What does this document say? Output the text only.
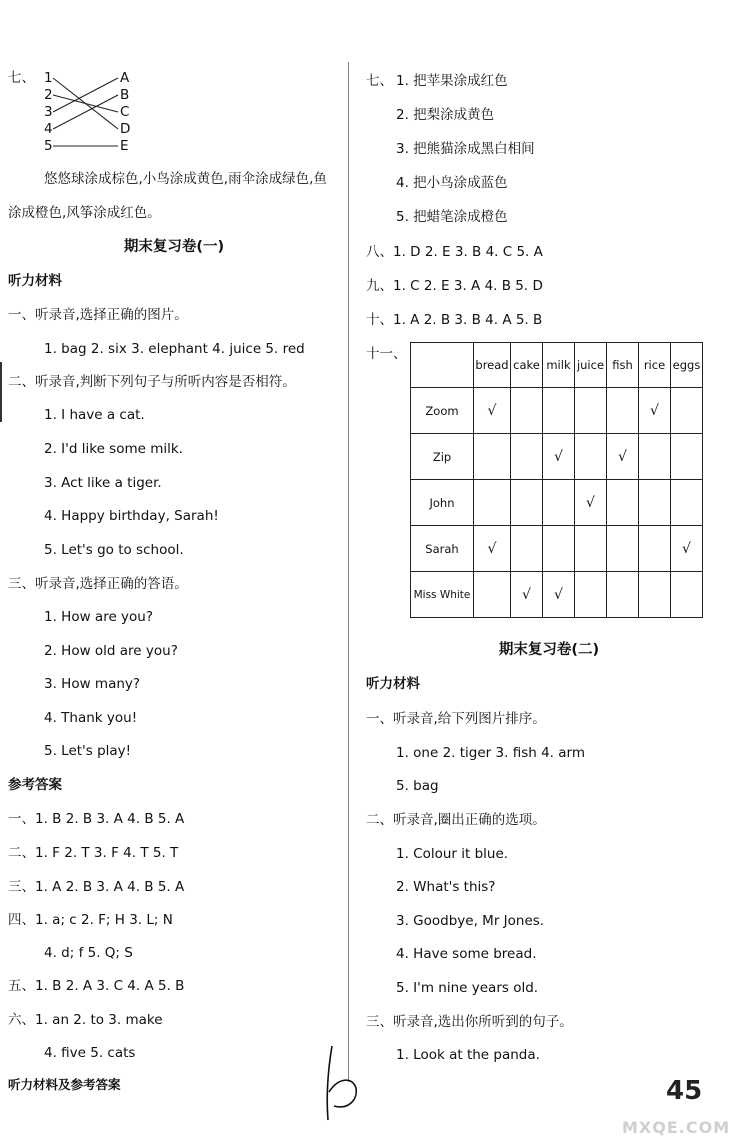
七、 1
2
3
4
5
A
B
C
D
E
悠悠球涂成棕色,小鸟涂成黄色,雨伞涂成绿色,鱼
涂成橙色,风筝涂成红色。
期末复习卷(一)
听力材料
一、听录音,选择正确的图片。
1. bag 2. six 3. elephant 4. juice 5. red
二、听录音,判断下列句子与所听内容是否相符。
1. I have a cat.
2. I'd like some milk.
3. Act like a tiger.
4. Happy birthday, Sarah!
5. Let's go to school.
三、听录音,选择正确的答语。
1. How are you?
2. How old are you?
3. How many?
4. Thank you!
5. Let's play!
参考答案
一、1. B 2. B 3. A 4. B 5. A
二、1. F 2. T 3. F 4. T 5. T
三、1. A 2. B 3. A 4. B 5. A
四、1. a; c 2. F; H 3. L; N
4. d; f 5. Q; S
五、1. B 2. A 3. C 4. A 5. B
六、1. an 2. to 3. make
4. five 5. cats
听力材料及参考答案
七、 1. 把苹果涂成红色
2. 把梨涂成黄色
3. 把熊猫涂成黑白相间
4. 把小鸟涂成蓝色
5. 把蜡笔涂成橙色
八、1. D 2. E 3. B 4. C 5. A
九、1. C 2. E 3. A 4. B 5. D
十、1. A 2. B 3. B 4. A 5. B
十一、
	bread	cake	milk	juice	fish	rice	eggs
Zoom	√					√	
Zip			√		√		
John				√			
Sarah	√						√
Miss White		√	√				
期末复习卷(二)
听力材料
一、听录音,给下列图片排序。
1. one 2. tiger 3. fish 4. arm
5. bag
二、听录音,圈出正确的选项。
1. Colour it blue.
2. What's this?
3. Goodbye, Mr Jones.
4. Have some bread.
5. I'm nine years old.
三、听录音,选出你所听到的句子。
1. Look at the panda.
45
MXQE.COM
